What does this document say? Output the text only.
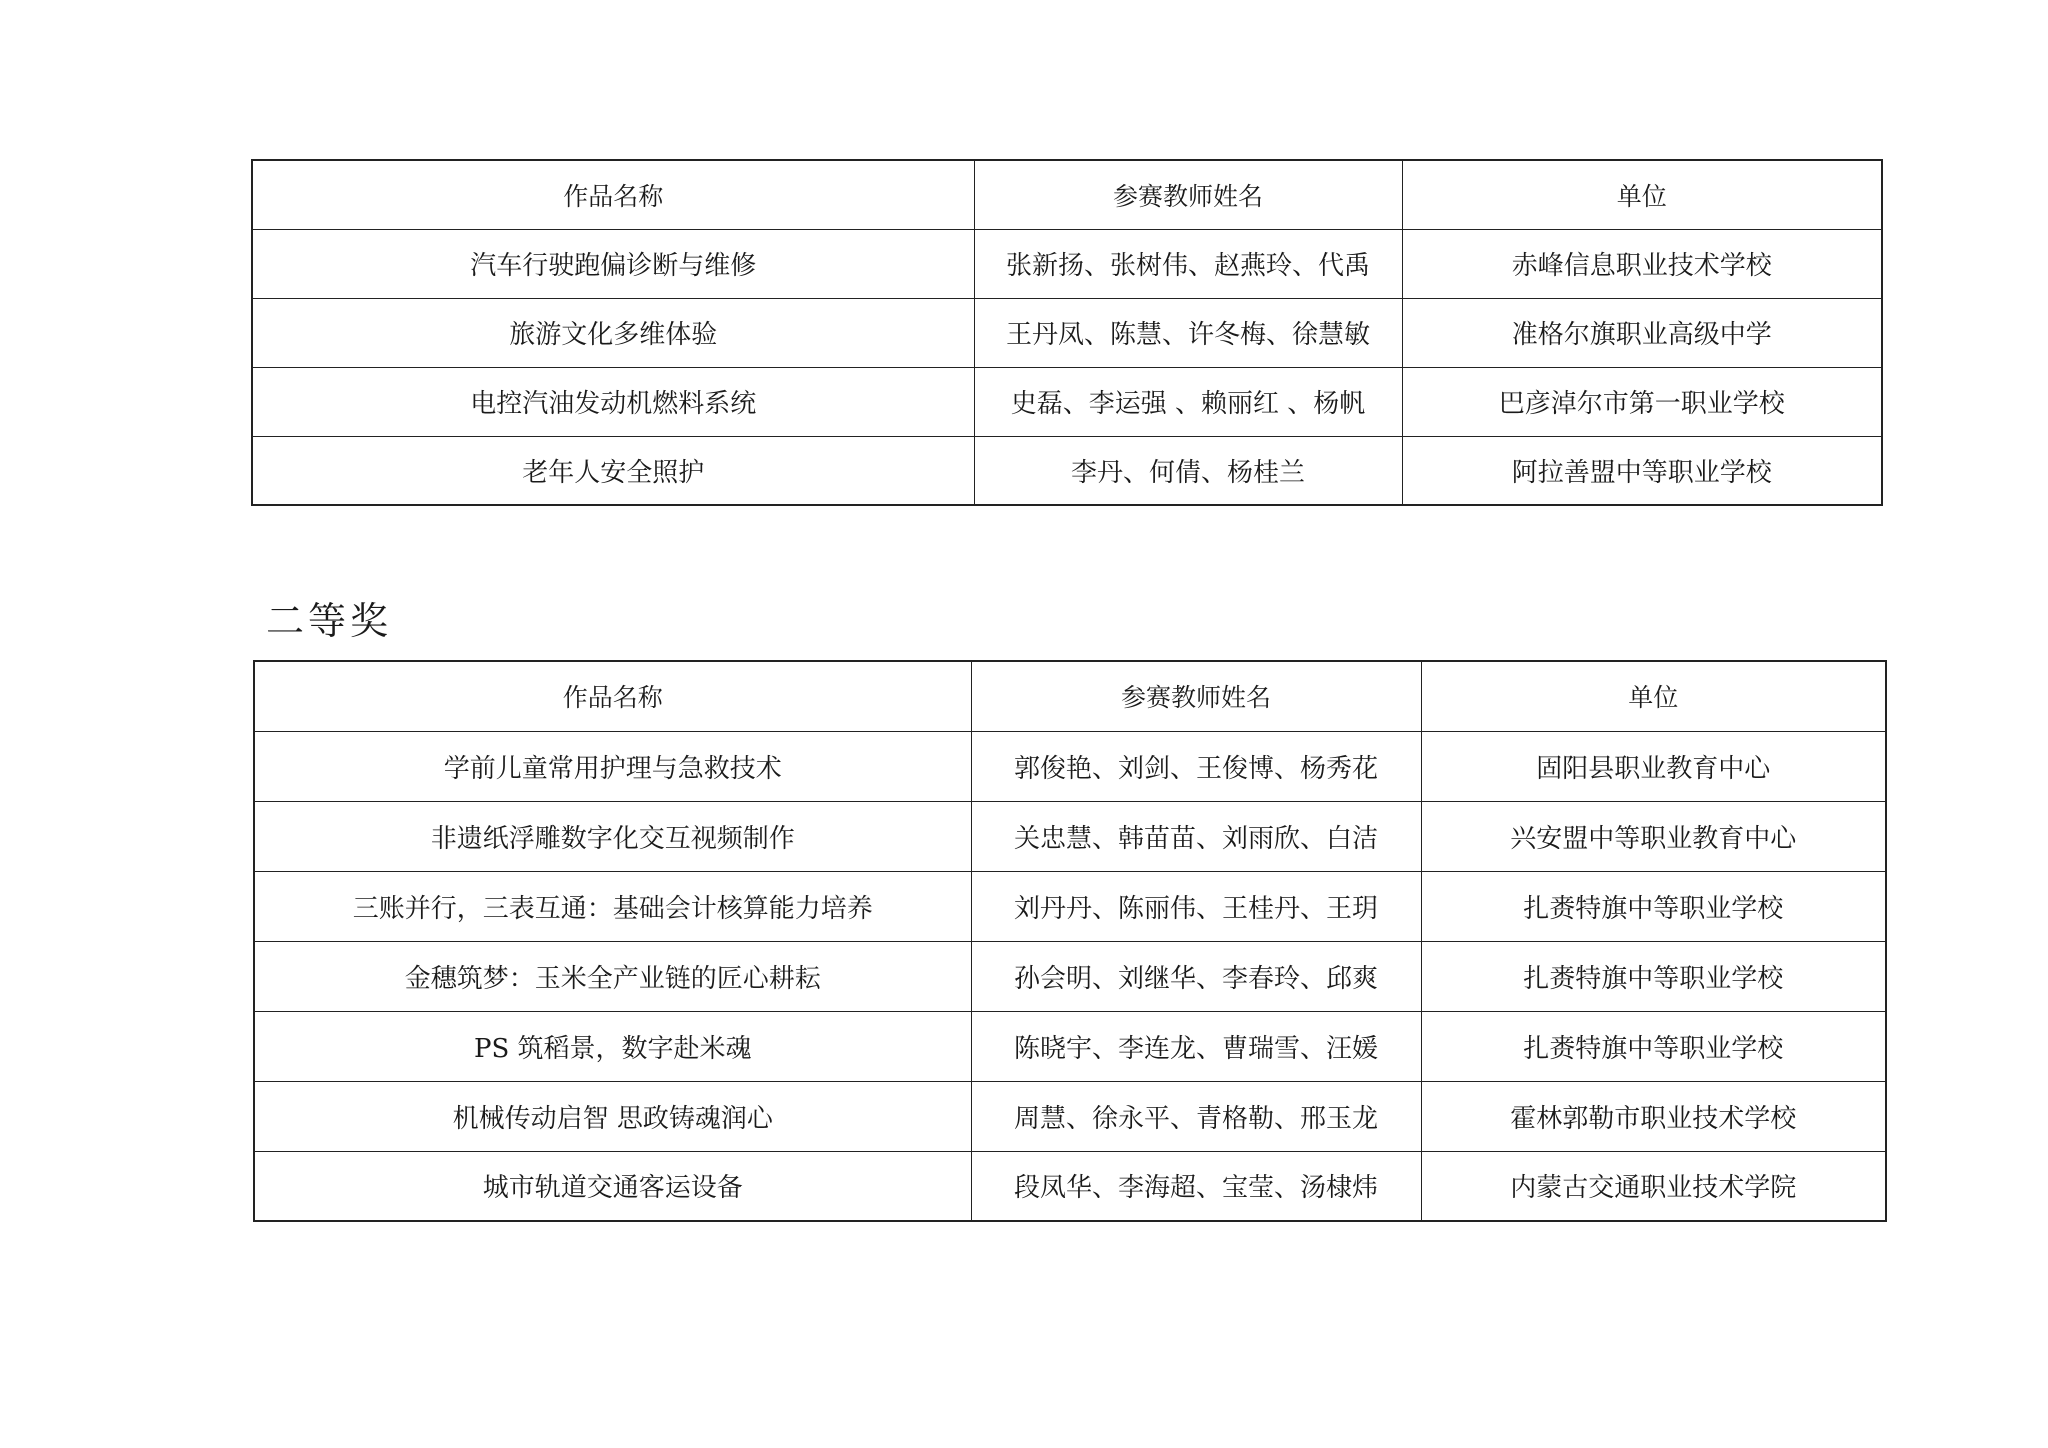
作品名称	参赛教师姓名	单位
汽车行驶跑偏诊断与维修	张新扬、张树伟、赵燕玲、代禹	赤峰信息职业技术学校
旅游文化多维体验	王丹凤、陈慧、许冬梅、徐慧敏	准格尔旗职业高级中学
电控汽油发动机燃料系统	史磊、李运强 、赖丽红 、杨帆	巴彦淖尔市第一职业学校
老年人安全照护	李丹、何倩、杨桂兰	阿拉善盟中等职业学校
二等奖
作品名称	参赛教师姓名	单位
学前儿童常用护理与急救技术	郭俊艳、刘剑、王俊博、杨秀花	固阳县职业教育中心
非遗纸浮雕数字化交互视频制作	关忠慧、韩苗苗、刘雨欣、白洁	兴安盟中等职业教育中心
三账并行，三表互通：基础会计核算能力培养	刘丹丹、陈丽伟、王桂丹、王玥	扎赉特旗中等职业学校
金穗筑梦：玉米全产业链的匠心耕耘	孙会明、刘继华、李春玲、邱爽	扎赉特旗中等职业学校
PS 筑稻景，数字赴米魂	陈晓宇、李连龙、曹瑞雪、汪媛	扎赉特旗中等职业学校
机械传动启智 思政铸魂润心	周慧、徐永平、青格勒、邢玉龙	霍林郭勒市职业技术学校
城市轨道交通客运设备	段凤华、李海超、宝莹、汤棣炜	内蒙古交通职业技术学院
